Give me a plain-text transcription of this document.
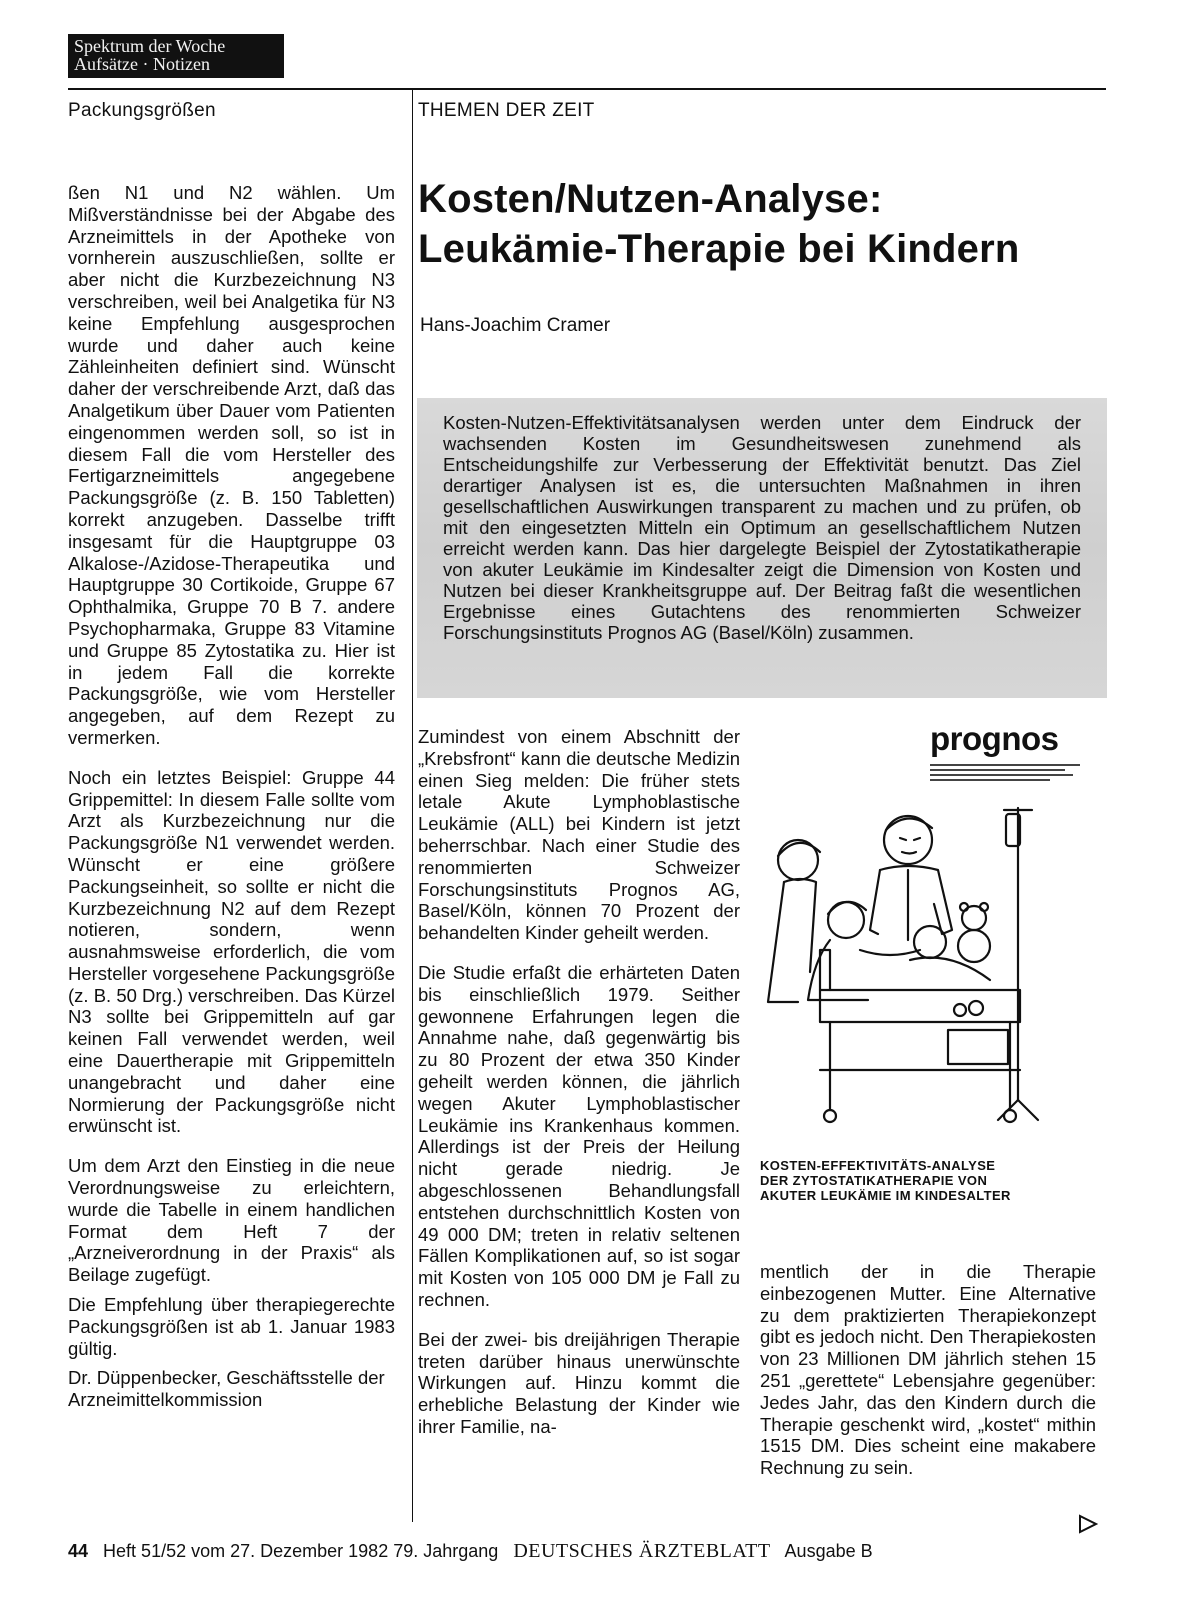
Spektrum der Woche
Aufsätze · Notizen
Packungsgrößen	THEMEN DER ZEIT

ßen N1 und N2 wählen. Um Mißverständnisse bei der Abgabe des Arzneimittels in der Apotheke von vornherein auszuschließen, sollte er aber nicht die Kurzbezeichnung N3 verschreiben, weil bei Analgetika für N3 keine Empfehlung ausgesprochen wurde und daher auch keine Zähleinheiten definiert sind. Wünscht daher der verschreibende Arzt, daß das Analgetikum über Dauer vom Patienten eingenommen werden soll, so ist in diesem Fall die vom Hersteller des Fertigarzneimittels angegebene Packungsgröße (z. B. 150 Tabletten) korrekt anzugeben. Dasselbe trifft insgesamt für die Hauptgruppe 03 Alkalose-/Azidose-Therapeutika und Hauptgruppe 30 Cortikoide, Gruppe 67 Ophthalmika, Gruppe 70 B 7. andere Psychopharmaka, Gruppe 83 Vitamine und Gruppe 85 Zytostatika zu. Hier ist in jedem Fall die korrekte Packungsgröße, wie vom Hersteller angegeben, auf dem Rezept zu vermerken.

Noch ein letztes Beispiel: Gruppe 44 Grippemittel: In diesem Falle sollte vom Arzt als Kurzbezeichnung nur die Packungsgröße N1 verwendet werden. Wünscht er eine größere Packungseinheit, so sollte er nicht die Kurzbezeichnung N2 auf dem Rezept notieren, sondern, wenn ausnahmsweise erforderlich, die vom Hersteller vorgesehene Packungsgröße (z. B. 50 Drg.) verschreiben. Das Kürzel N3 sollte bei Grippemitteln auf gar keinen Fall verwendet werden, weil eine Dauertherapie mit Grippemitteln unangebracht und daher eine Normierung der Packungsgröße nicht erwünscht ist.

Um dem Arzt den Einstieg in die neue Verordnungsweise zu erleichtern, wurde die Tabelle in einem handlichen Format dem Heft 7 der „Arzneiverordnung in der Praxis“ als Beilage zugefügt.

Die Empfehlung über therapiegerechte Packungsgrößen ist ab 1. Januar 1983 gültig.

Dr. Düppenbecker, Geschäftsstelle der Arzneimittelkommission

Kosten/Nutzen-Analyse:
Leukämie-Therapie bei Kindern
Hans-Joachim Cramer

Kosten-Nutzen-Effektivitätsanalysen werden unter dem Eindruck der wachsenden Kosten im Gesundheitswesen zunehmend als Entscheidungshilfe zur Verbesserung der Effektivität benutzt. Das Ziel derartiger Analysen ist es, die untersuchten Maßnahmen in ihren gesellschaftlichen Auswirkungen transparent zu machen und zu prüfen, ob mit den eingesetzten Mitteln ein Optimum an gesellschaftlichem Nutzen erreicht werden kann. Das hier dargelegte Beispiel der Zytostatikatherapie von akuter Leukämie im Kindesalter zeigt die Dimension von Kosten und Nutzen bei dieser Krankheitsgruppe auf. Der Beitrag faßt die wesentlichen Ergebnisse eines Gutachtens des renommierten Schweizer Forschungsinstituts Prognos AG (Basel/Köln) zusammen.

Zumindest von einem Abschnitt der „Krebsfront“ kann die deutsche Medizin einen Sieg melden: Die früher stets letale Akute Lymphoblastische Leukämie (ALL) bei Kindern ist jetzt beherrschbar. Nach einer Studie des renommierten Schweizer Forschungsinstituts Prognos AG, Basel/Köln, können 70 Prozent der behandelten Kinder geheilt werden.

Die Studie erfaßt die erhärteten Daten bis einschließlich 1979. Seither gewonnene Erfahrungen legen die Annahme nahe, daß gegenwärtig bis zu 80 Prozent der etwa 350 Kinder geheilt werden können, die jährlich wegen Akuter Lymphoblastischer Leukämie ins Krankenhaus kommen. Allerdings ist der Preis der Heilung nicht gerade niedrig. Je abgeschlossenen Behandlungsfall entstehen durchschnittlich Kosten von 49 000 DM; treten in relativ seltenen Fällen Komplikationen auf, so ist sogar mit Kosten von 105 000 DM je Fall zu rechnen.

Bei der zwei- bis dreijährigen Therapie treten darüber hinaus unerwünschte Wirkungen auf. Hinzu kommt die erhebliche Belastung der Kinder wie ihrer Familie, na-

prognos
KOSTEN-EFFEKTIVITÄTS-ANALYSE
DER ZYTOSTATIKATHERAPIE VON
AKUTER LEUKÄMIE IM KINDESALTER

mentlich der in die Therapie einbezogenen Mutter. Eine Alternative zu dem praktizierten Therapiekonzept gibt es jedoch nicht. Den Therapiekosten von 23 Millionen DM jährlich stehen 15 251 „gerettete“ Lebensjahre gegenüber: Jedes Jahr, das den Kindern durch die Therapie geschenkt wird, „kostet“ mithin 1515 DM. Dies scheint eine makabere Rechnung zu sein.

44 Heft 51/52 vom 27. Dezember 1982 79. Jahrgang DEUTSCHES ÄRZTEBLATT Ausgabe B
